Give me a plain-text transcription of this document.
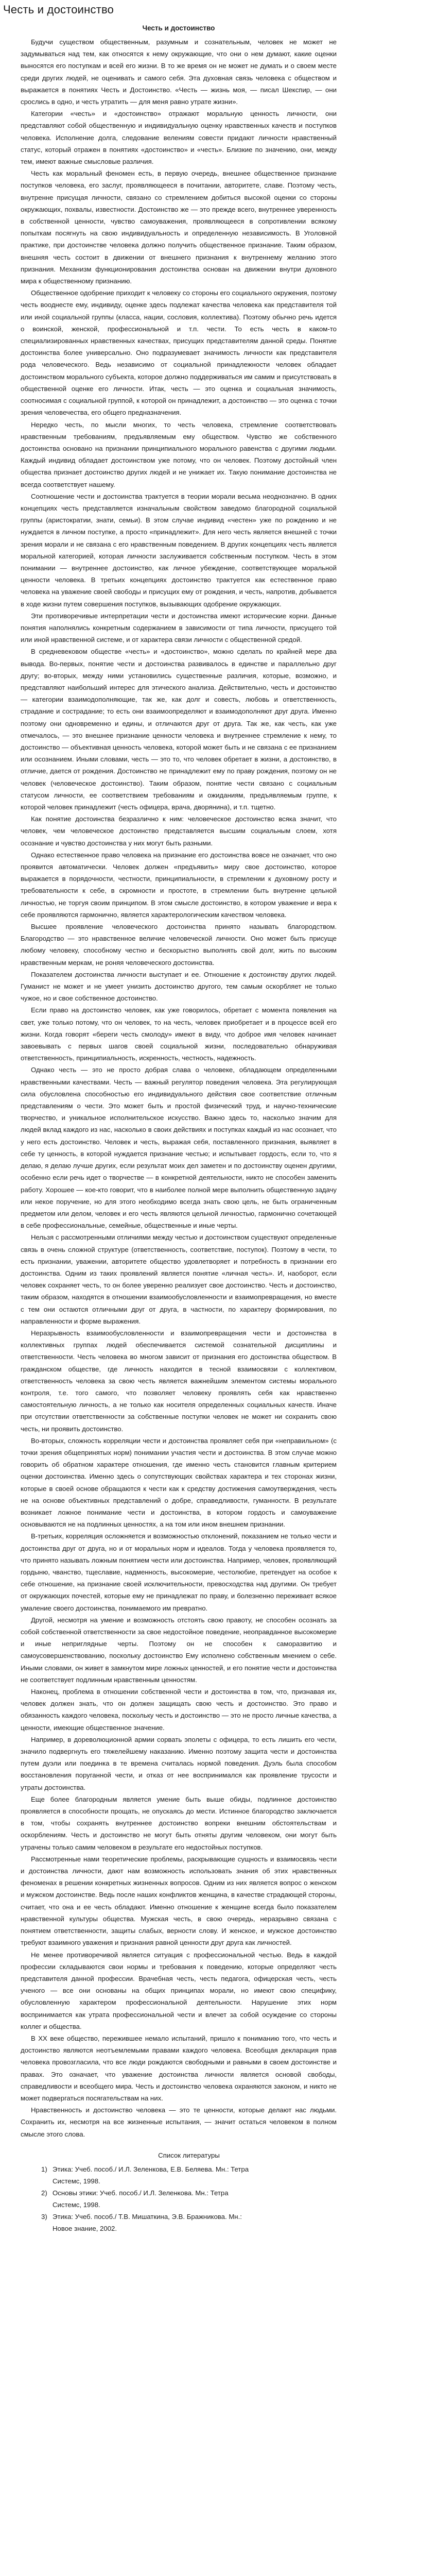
Честь и достоинство
Честь и достоинство

Будучи существом общественным, разумным и сознательным, человек не может не задумываться над тем, как относятся к нему окружающие, что они о нем думают, какие оценки выносятся его поступкам и всей его жизни. В то же время он не может не думать и о своем месте среди других людей, не оценивать и самого себя. Эта духовная связь человека с обществом и выражается в понятиях Честь и Достоинство. «Честь — жизнь моя, — писал Шекспир, — они срослись в одно, и честь утратить — для меня равно утрате жизни».

Категории «честь» и «достоинство» отражают моральную ценность личности, они представляют собой общественную и индивидуальную оценку нравственных качеств и поступков человека. Исполнение долга, следование велениям совести придают личности нравственный статус, который отражен в понятиях «достоинство» и «честь». Близкие по значению, они, между тем, имеют важные смысловые различия.

Честь как моральный феномен есть, в первую очередь, внешнее общественное признание поступков человека, его заслуг, проявляющееся в почитании, авторитете, славе. Поэтому честь, внутренне присущая личности, связано со стремлением добиться высокой оценки со стороны окружающих, похвалы, известности. Достоинство же — это прежде всего, внутреннее уверенность в собственной ценности, чувство самоуважения, проявляющееся в сопротивлении всякому попыткам посягнуть на свою индивидуальность и определенную независимость. В Уголовной практике, при достоинстве человека должно получить общественное признание. Таким образом, внешняя честь состоит в движении от внешнего признания к внутреннему желанию этого признания. Механизм функционирования достоинства основан на движении внутри духовного мира к общественному признанию.

Общественное одобрение приходит к человеку со стороны его социального окружения, поэтому честь вооднесте ему, индивиду, оценке здесь подлежат качества человека как представителя той или иной социальной группы (класса, нации, сословия, коллектива). Поэтому обычно речь идется о воинской, женской, профессиональной и т.п. чести. То есть честь в каком-то специализированных нравственных качествах, присущих представителям данной среды. Понятие достоинства более универсально. Оно подразумевает значимость личности как представителя рода человеческого. Ведь независимо от социальной принадлежности человек обладает достоинством морального субъекта, которое должно поддерживаться им самим и присутствовать в общественной оценке его личности. Итак, честь — это оценка и социальная значимость, соотносимая с социальной группой, к которой он принадлежит, а достоинство — это оценка с точки зрения человечества, его общего предназначения.

Нередко честь, по мысли многих, то честь человека, стремление соответствовать нравственным требованиям, предъявляемым ему обществом. Чувство же собственного достоинства основано на признании принципиального морального равенства с другими людьми. Каждый индивид обладает достоинством уже потому, что он человек. Поэтому достойный член общества признает достоинство других людей и не унижает их. Такую понимание достоинства не всегда соответствует нашему.

Соотношение чести и достоинства трактуется в теории морали весьма неоднозначно. В одних концепциях честь представляется изначальным свойством заведомо благородной социальной группы (аристократии, знати, семьи). В этом случае индивид «честен» уже по рождению и не нуждается в личном поступке, а просто «принадлежит». Для него честь является внешней с точки зрения морали и не связана с его нравственным поведением. В других концепциях честь является моральной категорией, которая личности заслуживается собственным поступком. Честь в этом понимании — внутреннее достоинство, как личное убеждение, соответствующее моральной ценности человека. В третьих концепциях достоинство трактуется как естественное право человека на уважение своей свободы и присущих ему от рождения, и честь, напротив, добывается в ходе жизни путем совершения поступков, вызывающих одобрение окружающих.

Эти противоречивые интерпретации чести и достоинства имеют исторические корни. Данные понятия наполнялись конкретным содержанием в зависимости от типа личности, присущего той или иной нравственной системе, и от характера связи личности с общественной средой.

В средневековом обществе «честь» и «достоинство», можно сделать по крайней мере два вывода. Во-первых, понятие чести и достоинства развивалось в единстве и параллельно друг другу; во-вторых, между ними установились существенные различия, которые, возможно, и представляют наибольший интерес для этического анализа. Действительно, честь и достоинство — категории взаимодополняющие, так же, как долг и совесть, любовь и ответственность, страдание и сострадание; то есть они взаимоопределяют и взаимодополняют друг друга. Именно поэтому они одновременно и едины, и отличаются друг от друга. Так же, как честь, как уже отмечалось, — это внешнее признание ценности человека и внутреннее стремление к нему, то достоинство — объективная ценность человека, которой может быть и не связана с ее признанием или осознанием. Иными словами, честь — это то, что человек обретает в жизни, а достоинство, в отличие, дается от рождения. Достоинство не принадлежит ему по праву рождения, поэтому он не человек (человеческое достоинство). Таким образом, понятие чести связано с социальным статусом личности, ее соответствием требованиям и ожиданиям, предъявляемым группе, к которой человек принадлежит (честь офицера, врача, дворянина), и т.п. тщетно.

Как понятие достоинства безразлично к ним: человеческое достоинство всяка значит, что человек, чем человеческое достоинство представляется высшим социальным слоем, хотя осознание и чувство достоинства у них могут быть разными.

Однако естественное право человека на признание его достоинства вовсе не означает, что оно проявится автоматически. Человек должен «предъявить» миру свое достоинство, которое выражается в порядочности, честности, принципиальности, в стремлении к духовному росту и требовательности к себе, в скромности и простоте, в стремлении быть внутренне цельной личностью, не торгуя своим принципом. В этом смысле достоинство, в котором уважение и вера к себе проявляются гармонично, является характерологическим качеством человека.

Высшее проявление человеческого достоинства принято называть благородством. Благородство — это нравственное величие человеческой личности. Оно может быть присуще любому человеку, способному честно и бескорыстно выполнять свой долг, жить по высоким нравственным меркам, не роняя человеческого достоинства.

Показателем достоинства личности выступает и ее. Отношение к достоинству других людей. Гуманист не может и не умеет унизить достоинство другого, тем самым оскорбляет не только чужое, но и свое собственное достоинство.

Если право на достоинство человек, как уже говорилось, обретает с момента появления на свет, уже только потому, что он человек, то на честь, человек приобретает и в процессе всей его жизни. Когда говорят «береги честь смолоду» имеют в виду, что доброе имя человек начинает завоевывать с первых шагов своей социальной жизни, последовательно обнаруживая ответственность, принципиальность, искренность, честность, надежность.

Однако честь — это не просто добрая слава о человеке, обладающем определенными нравственными качествами. Честь — важный регулятор поведения человека. Эта регулирующая сила обусловлена способностью его индивидуального действия свое соответствие отличным представлениям о чести. Это может быть и простой физический труд, и научно-технические творчество, и уникальное исполнительское искусство. Важно здесь то, насколько значим для людей вклад каждого из нас, насколько в своих действиях и поступках каждый из нас осознает, что у него есть достоинство. Человек и честь, выражая себя, поставленного признания, выявляет в себе ту ценность, в которой нуждается признание честью; и испытывает гордость, если то, что я делаю, я делаю лучше других, если результат моих дел заметен и по достоинству оценен другими, особенно если речь идет о творчестве — в конкретной деятельности, никто не способен заменить работу. Хорошее — кое-кто говорит, что в наиболее полной мере выполнить общественную задачу или некое поручение, но для этого необходимо всегда знать свою цель, не быть ограниченным предметом или делом, человек и его честь являются цельной личностью, гармонично сочетающей в себе профессиональные, семейные, общественные и иные черты.

Нельзя с рассмотренными отличиями между честью и достоинством существуют определенные связь в очень сложной структуре (ответственность, соответствие, поступок). Поэтому в чести, то есть признании, уважении, авторитете общество удовлетворяет и потребность в признании его достоинства. Одним из таких проявлений является понятие «личная честь». И, наоборот, если человек сохраняет честь, то он более уверенно реализует свое достоинство. Честь и достоинство, таким образом, находятся в отношении взаимообусловленности и взаимопревращения, но вместе с тем они остаются отличными друг от друга, в частности, по характеру формирования, по направленности и форме выражения.

Неразрывность взаимообусловленности и взаимопревращения чести и достоинства в коллективных группах людей обеспечивается системой сознательной дисциплины и ответственности. Честь человека во многом зависит от признания его достоинства обществом. В гражданском обществе, где личность находится в тесной взаимосвязи с коллективом, ответственность человека за свою честь является важнейшим элементом системы морального контроля, т.е. того самого, что позволяет человеку проявлять себя как нравственно самостоятельную личность, а не только как носителя определенных социальных качеств. Иначе при отсутствии ответственности за собственные поступки человек не может ни сохранить свою честь, ни проявить достоинство.

Во-вторых, сложность корреляции чести и достоинства проявляет себя при «неправильном» (с точки зрения общепринятых норм) понимании участия чести и достоинства. В этом случае можно говорить об обратном характере отношения, где именно честь становится главным критерием оценки достоинства. Именно здесь о сопутствующих свойствах характера и тех сторонах жизни, которые в своей основе обращаются к чести как к средству достижения самоутверждения, честь не на основе объективных представлений о добре, справедливости, гуманности. В результате возникает ложное понимание чести и достоинства, в котором гордость и самоуважение основываются не на подлинных ценностях, а на том или ином внешнем признании.

В-третьих, корреляция осложняется и возможностью отклонений, показанием не только чести и достоинства друг от друга, но и от моральных норм и идеалов. Тогда у человека проявляется то, что принято называть ложным понятием чести или достоинства. Например, человек, проявляющий гордыню, чванство, тщеславие, надменность, высокомерие, честолюбие, претендует на особое к себе отношение, на признание своей исключительности, превосходства над другими. Он требует от окружающих почестей, которые ему не принадлежат по праву, и болезненно переживает всякое умаление своего достоинства, понимаемого им превратно.

Другой, несмотря на умение и возможность отстоять свою правоту, не способен осознать за собой собственной ответственности за свое недостойное поведение, неоправданное высокомерие и иные неприглядные черты. Поэтому он не способен к саморазвитию и самоусовершенствованию, поскольку достоинство Ему исполнено собственным мнением о себе. Иными словами, он живет в замкнутом мире ложных ценностей, и его понятие чести и достоинства не соответствует подлинным нравственным ценностям.

Наконец, проблема в отношении собственной чести и достоинства в том, что, признавая их, человек должен знать, что он должен защищать свою честь и достоинство. Это право и обязанность каждого человека, поскольку честь и достоинство — это не просто личные качества, а ценности, имеющие общественное значение.

Например, в дореволюционной армии сорвать эполеты с офицера, то есть лишить его чести, значило подвергнуть его тяжелейшему наказанию. Именно поэтому защита чести и достоинства путем дуэли или поединка в те времена считалась нормой поведения. Дуэль была способом восстановления поруганной чести, и отказ от нее воспринимался как проявление трусости и утраты достоинства.

Еще более благородным является умение быть выше обиды, подлинное достоинство проявляется в способности прощать, не опускаясь до мести. Истинное благородство заключается в том, чтобы сохранять внутреннее достоинство вопреки внешним обстоятельствам и оскорблениям. Честь и достоинство не могут быть отняты другим человеком, они могут быть утрачены только самим человеком в результате его недостойных поступков.

Рассмотренные нами теоретические проблемы, раскрывающие сущность и взаимосвязь чести и достоинства личности, дают нам возможность использовать знания об этих нравственных феноменах в решении конкретных жизненных вопросов. Одним из них является вопрос о женском и мужском достоинстве. Ведь после наших конфликтов женщина, в качестве страдающей стороны, считает, что она и ее честь обладают. Именно отношение к женщине всегда было показателем нравственной культуры общества. Мужская честь, в свою очередь, неразрывно связана с понятием ответственности, защиты слабых, верности слову. И женское, и мужское достоинство требуют взаимного уважения и признания равной ценности друг друга как личностей.

Не менее противоречивой является ситуация с профессиональной честью. Ведь в каждой профессии складываются свои нормы и требования к поведению, которые определяют честь представителя данной профессии. Врачебная честь, честь педагога, офицерская честь, честь ученого — все они основаны на общих принципах морали, но имеют свою специфику, обусловленную характером профессиональной деятельности. Нарушение этих норм воспринимается как утрата профессиональной чести и влечет за собой осуждение со стороны коллег и общества.

В XX веке общество, пережившее немало испытаний, пришло к пониманию того, что честь и достоинство являются неотъемлемыми правами каждого человека. Всеобщая декларация прав человека провозгласила, что все люди рождаются свободными и равными в своем достоинстве и правах. Это означает, что уважение достоинства личности является основой свободы, справедливости и всеобщего мира. Честь и достоинство человека охраняются законом, и никто не может подвергаться посягательствам на них.

Нравственность и достоинство человека — это те ценности, которые делают нас людьми. Сохранить их, несмотря на все жизненные испытания, — значит остаться человеком в полном смысле этого слова.

Список литературы
1) Этика: Учеб. пособ./ И.Л. Зеленкова, Е.В. Беляева. Мн.: Тетра
Системс, 1998.
2) Основы этики: Учеб. пособ./ И.Л. Зеленкова. Мн.: Тетра
Системс, 1998.
3) Этика: Учеб. пособ./ Т.В. Мишаткина, Э.В. Бражникова. Мн.:
Новое знание, 2002.
